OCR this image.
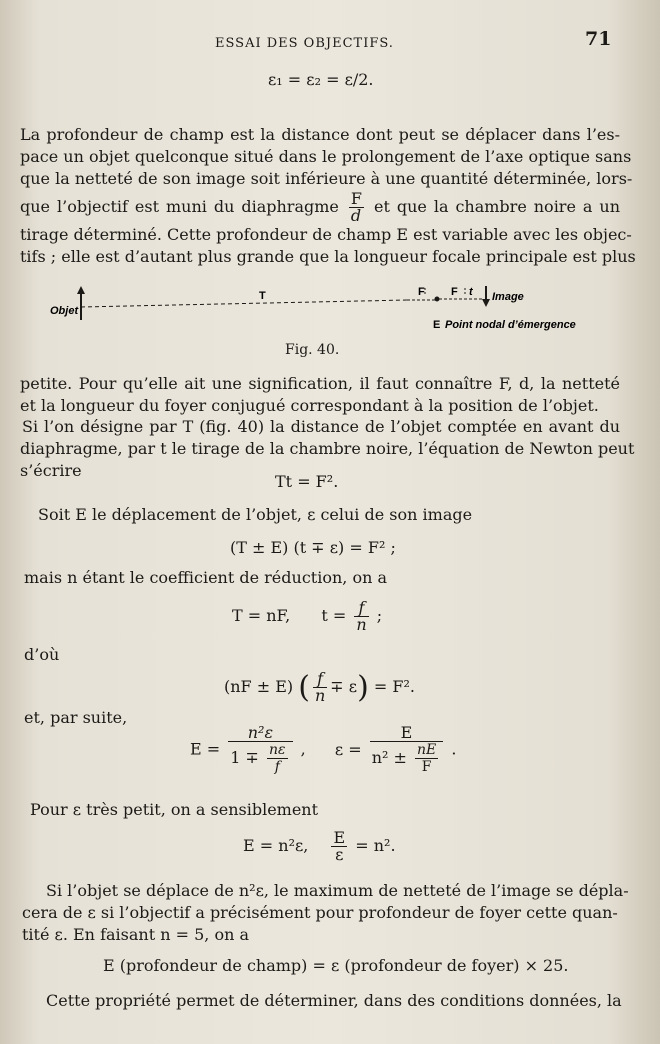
ESSAI DES OBJECTIFS.	71
ε₁ = ε₂ = ε/2.
La profondeur de champ est la distance dont peut se déplacer dans l’es-
pace un objet quelconque situé dans le prolongement de l’axe optique sans
que la netteté de son image soit inférieure à une quantité déterminée, lors-
que l’objectif est muni du diaphragme $\frac{F}{d}$ et que la chambre noire a un
tirage déterminé. Cette profondeur de champ E est variable avec les objec-
tifs ; elle est d’autant plus grande que la longueur focale principale est plus
Objet
T	F F t Image
E Point nodal d’émergence
Fig. 40.
petite. Pour qu’elle ait une signification, il faut connaître F, d, la netteté
et la longueur du foyer conjugué correspondant à la position de l’objet.
Si l’on désigne par T (fig. 40) la distance de l’objet comptée en avant du
diaphragme, par t le tirage de la chambre noire, l’équation de Newton peut
s’écrire
Tt = F².
Soit E le déplacement de l’objet, ε celui de son image
(T ± E) (t ∓ ε) = F² ;
mais n étant le coefficient de réduction, on a
T = nF, $t = \frac{f}{n}$ ;
d’où
(nF ± E) ( $\frac{f}{n} \mp \varepsilon) = F^2$.
et, par suite,
$E = \frac{\text{n²ε}}{1 \mp \frac{n\varepsilon}{f}}$ , $\varepsilon = \frac{E}{n^2 \pm \frac{nE}{F}}$ .
Pour ε très petit, on a sensiblement
E = n²ε, $\frac{E}{\varepsilon} = n^2$.
Si l’objet se déplace de n²ε, le maximum de netteté de l’image se dépla-
cera de ε si l’objectif a précisément pour profondeur de foyer cette quan-
tité ε. En faisant n = 5, on a
E (profondeur de champ) = ε (profondeur de foyer) × 25.
Cette propriété permet de déterminer, dans des conditions données, la
